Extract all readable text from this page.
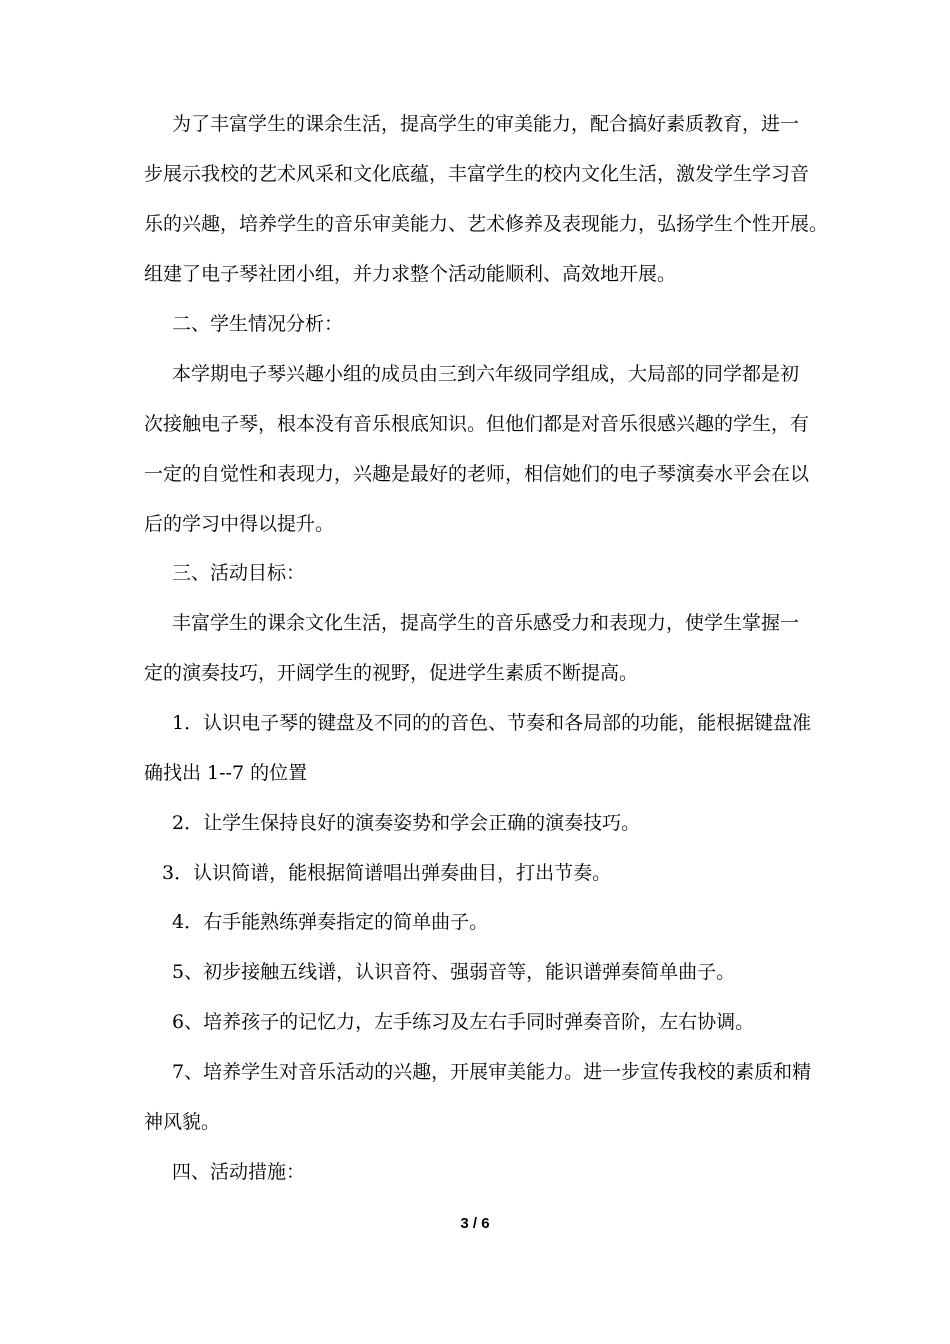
为了丰富学生的课余生活，提高学生的审美能力，配合搞好素质教育，进一
步展示我校的艺术风采和文化底蕴，丰富学生的校内文化生活，激发学生学习音
乐的兴趣，培养学生的音乐审美能力、艺术修养及表现能力，弘扬学生个性开展。
组建了电子琴社团小组，并力求整个活动能顺利、高效地开展。
二、学生情况分析：
本学期电子琴兴趣小组的成员由三到六年级同学组成，大局部的同学都是初
次接触电子琴，根本没有音乐根底知识。但他们都是对音乐很感兴趣的学生，有
一定的自觉性和表现力，兴趣是最好的老师，相信她们的电子琴演奏水平会在以
后的学习中得以提升。
三、活动目标：
丰富学生的课余文化生活，提高学生的音乐感受力和表现力，使学生掌握一
定的演奏技巧，开阔学生的视野，促进学生素质不断提高。
1．认识电子琴的键盘及不同的的音色、节奏和各局部的功能，能根据键盘准
确找出 1--7 的位置
2．让学生保持良好的演奏姿势和学会正确的演奏技巧。
3．认识简谱，能根据简谱唱出弹奏曲目，打出节奏。
4．右手能熟练弹奏指定的简单曲子。
5、初步接触五线谱，认识音符、强弱音等，能识谱弹奏简单曲子。
6、培养孩子的记忆力，左手练习及左右手同时弹奏音阶，左右协调。
7、培养学生对音乐活动的兴趣，开展审美能力。进一步宣传我校的素质和精
神风貌。
四、活动措施：
3 / 6
